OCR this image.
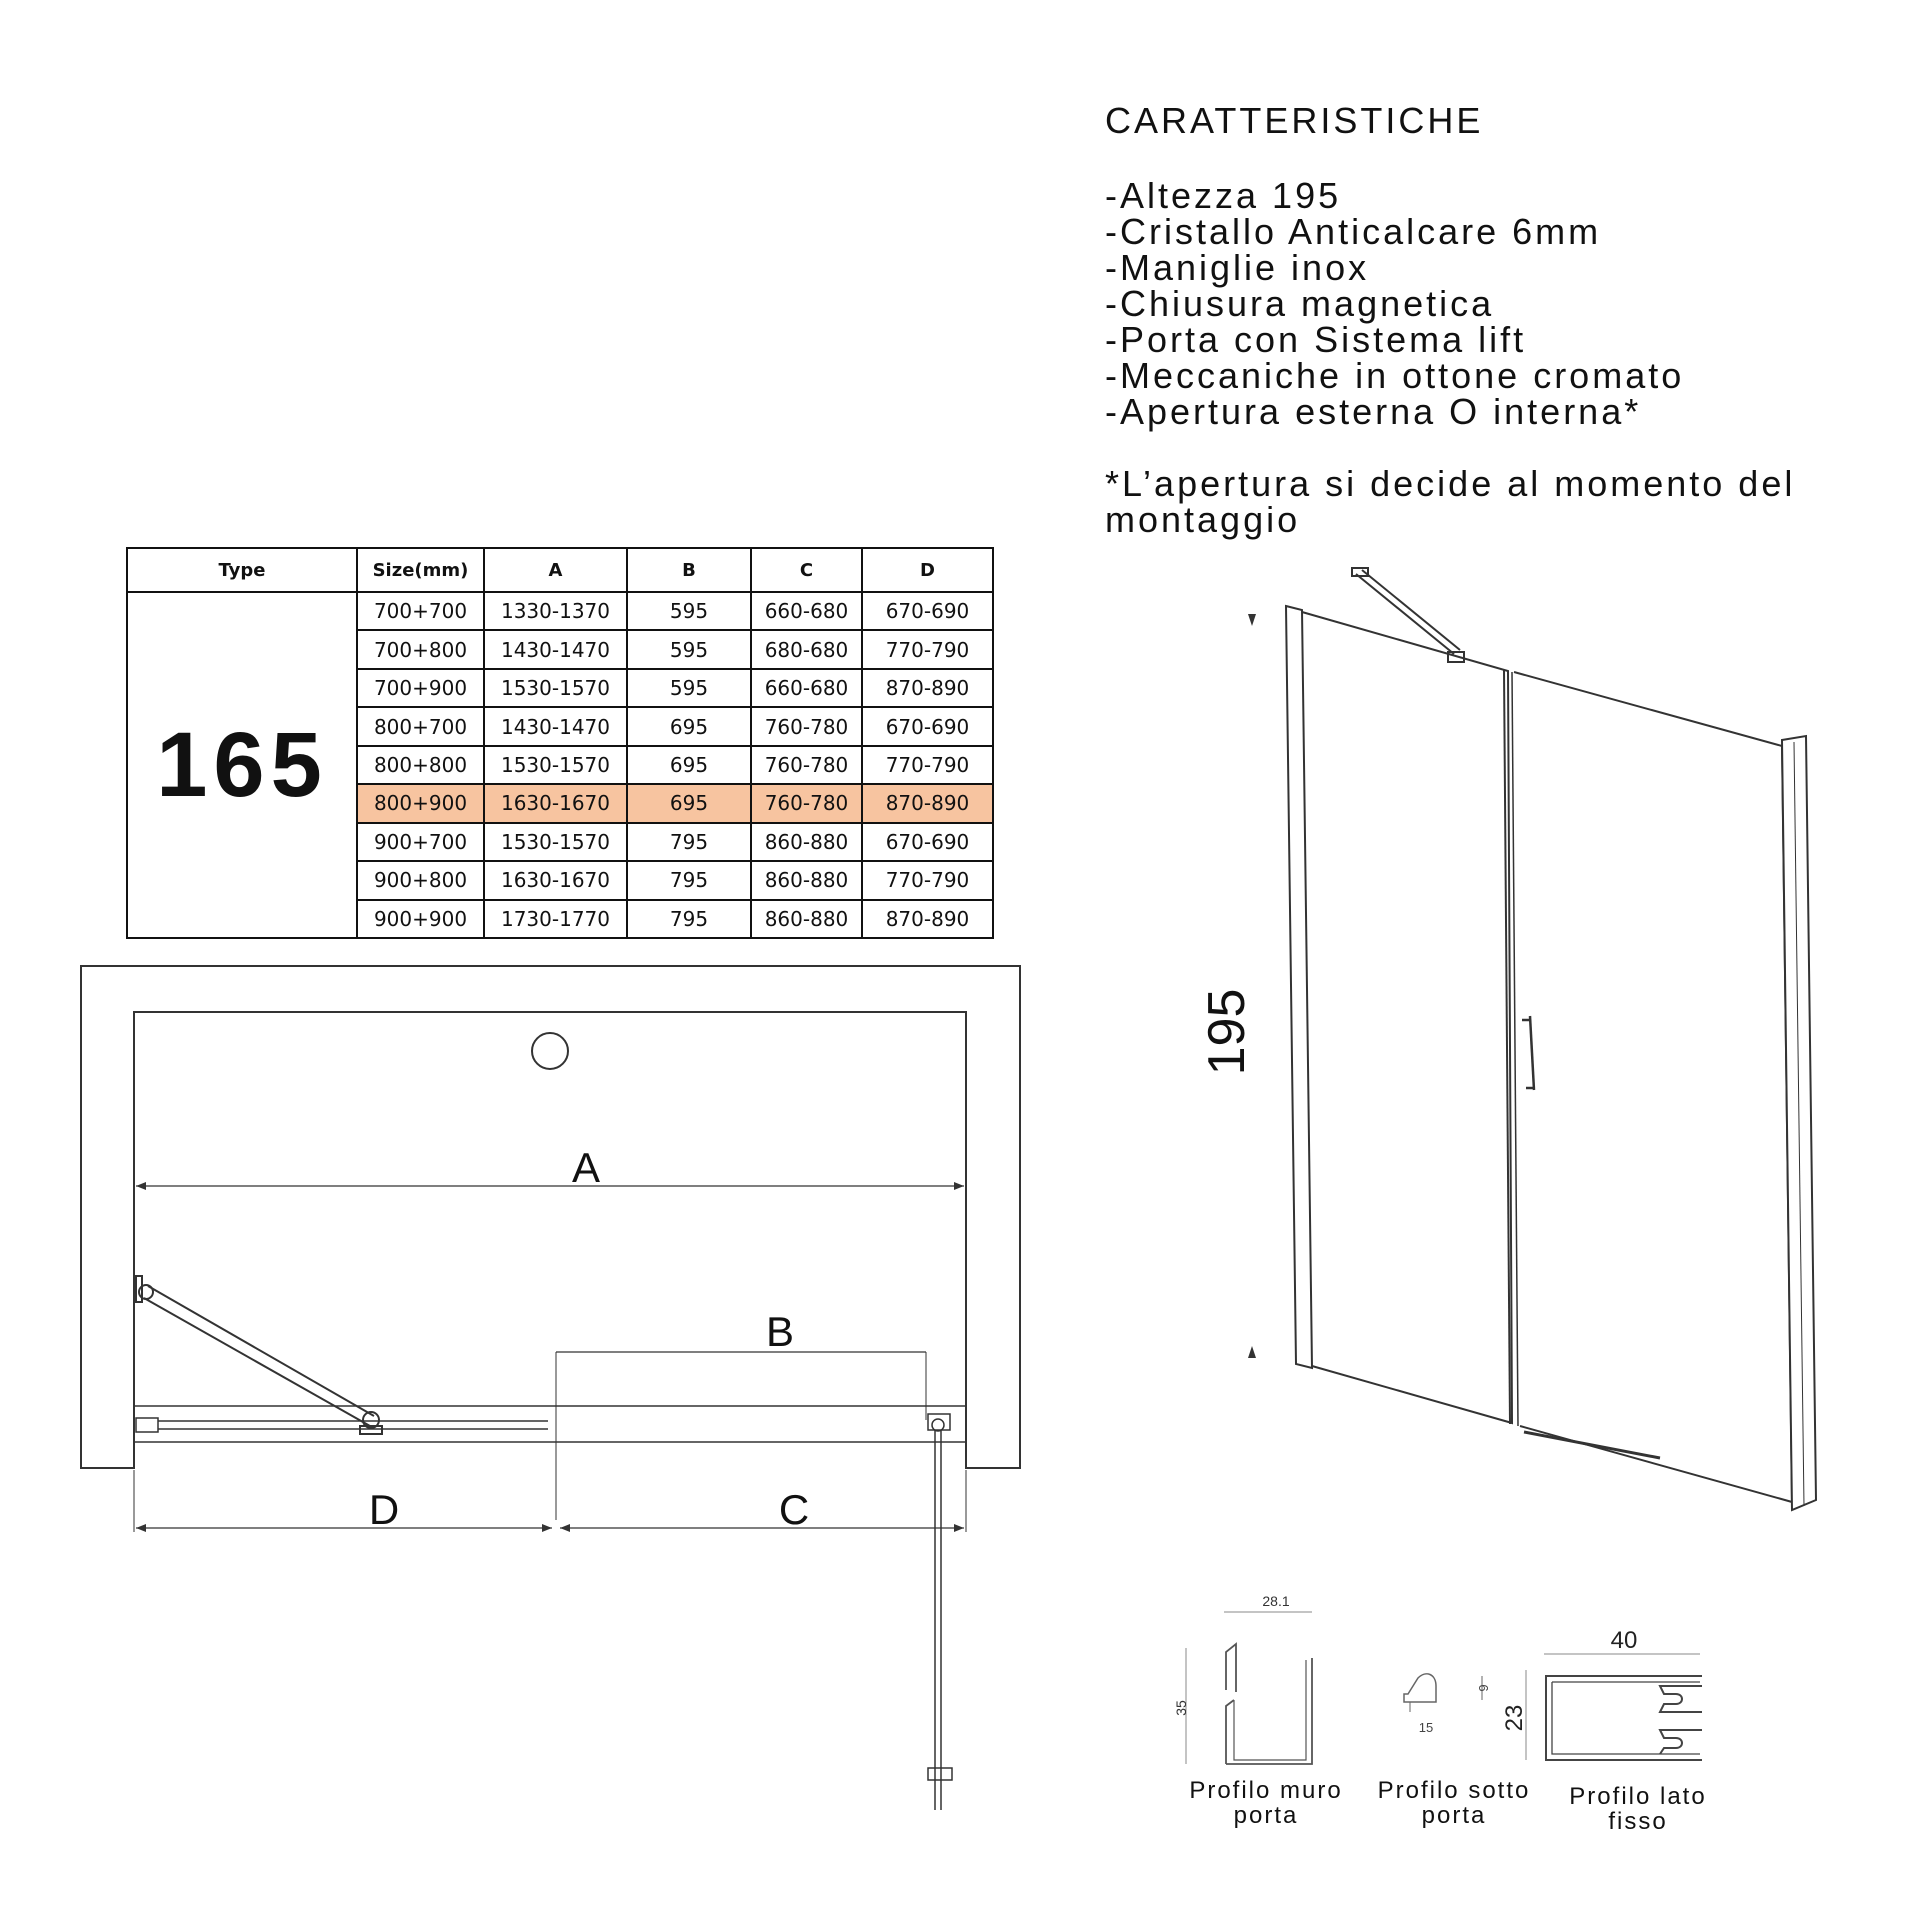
CARATTERISTICHE
-Altezza 195
-Cristallo Anticalcare 6mm
-Maniglie inox
-Chiusura magnetica
-Porta con Sistema lift
-Meccaniche in ottone cromato
-Apertura esterna O interna*
*L’apertura si decide al momento del
montaggio
Type	Size(mm)	A	B	C	D
165	700+700	1330-1370	595	660-680	670-690
	700+800	1430-1470	595	680-680	770-790
	700+900	1530-1570	595	660-680	870-890
	800+700	1430-1470	695	760-780	670-690
	800+800	1530-1570	695	760-780	770-790
	800+900	1630-1670	695	760-780	870-890
	900+700	1530-1570	795	860-880	670-690
	900+800	1630-1670	795	860-880	770-790
	900+900	1730-1770	795	860-880	870-890
A
B
D	C
195
28.1
35
15
9
40
23
Profilo muro
porta
Profilo sotto
porta
Profilo lato
fisso
